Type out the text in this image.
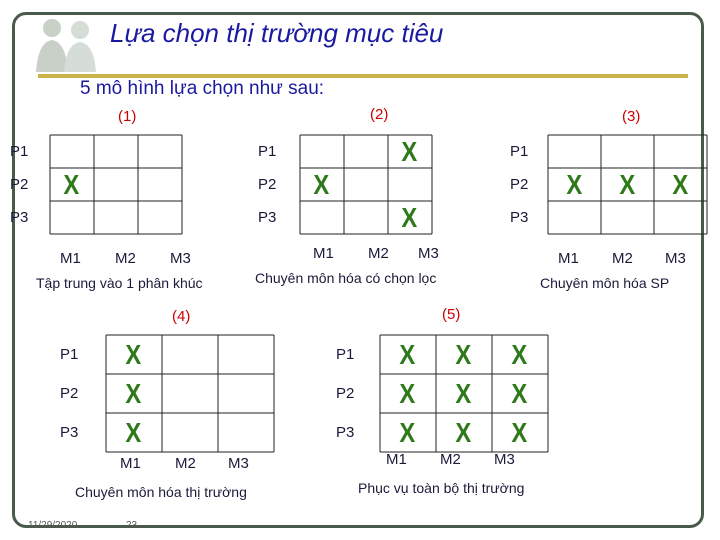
Lựa chọn thị trường mục tiêu
5 mô hình lựa chọn như sau:
(1)
P1
P2
P3
M1 M2 M3
X
Tập trung vào 1 phân khúc
(2)
P1
P2
P3
M1 M2 M3
X
X
X
Chuyên môn hóa có chọn lọc
(3)
P1
P2
P3
M1 M2 M3
X X X
Chuyên môn hóa SP
(4)
P1
P2
P3
M1 M2 M3
X
X
X
Chuyên môn hóa thị trường
(5)
P1
P2
P3
M1 M2 M3
X X X
X X X
X X X
Phục vụ toàn bộ thị trường
11/29/2020	23
